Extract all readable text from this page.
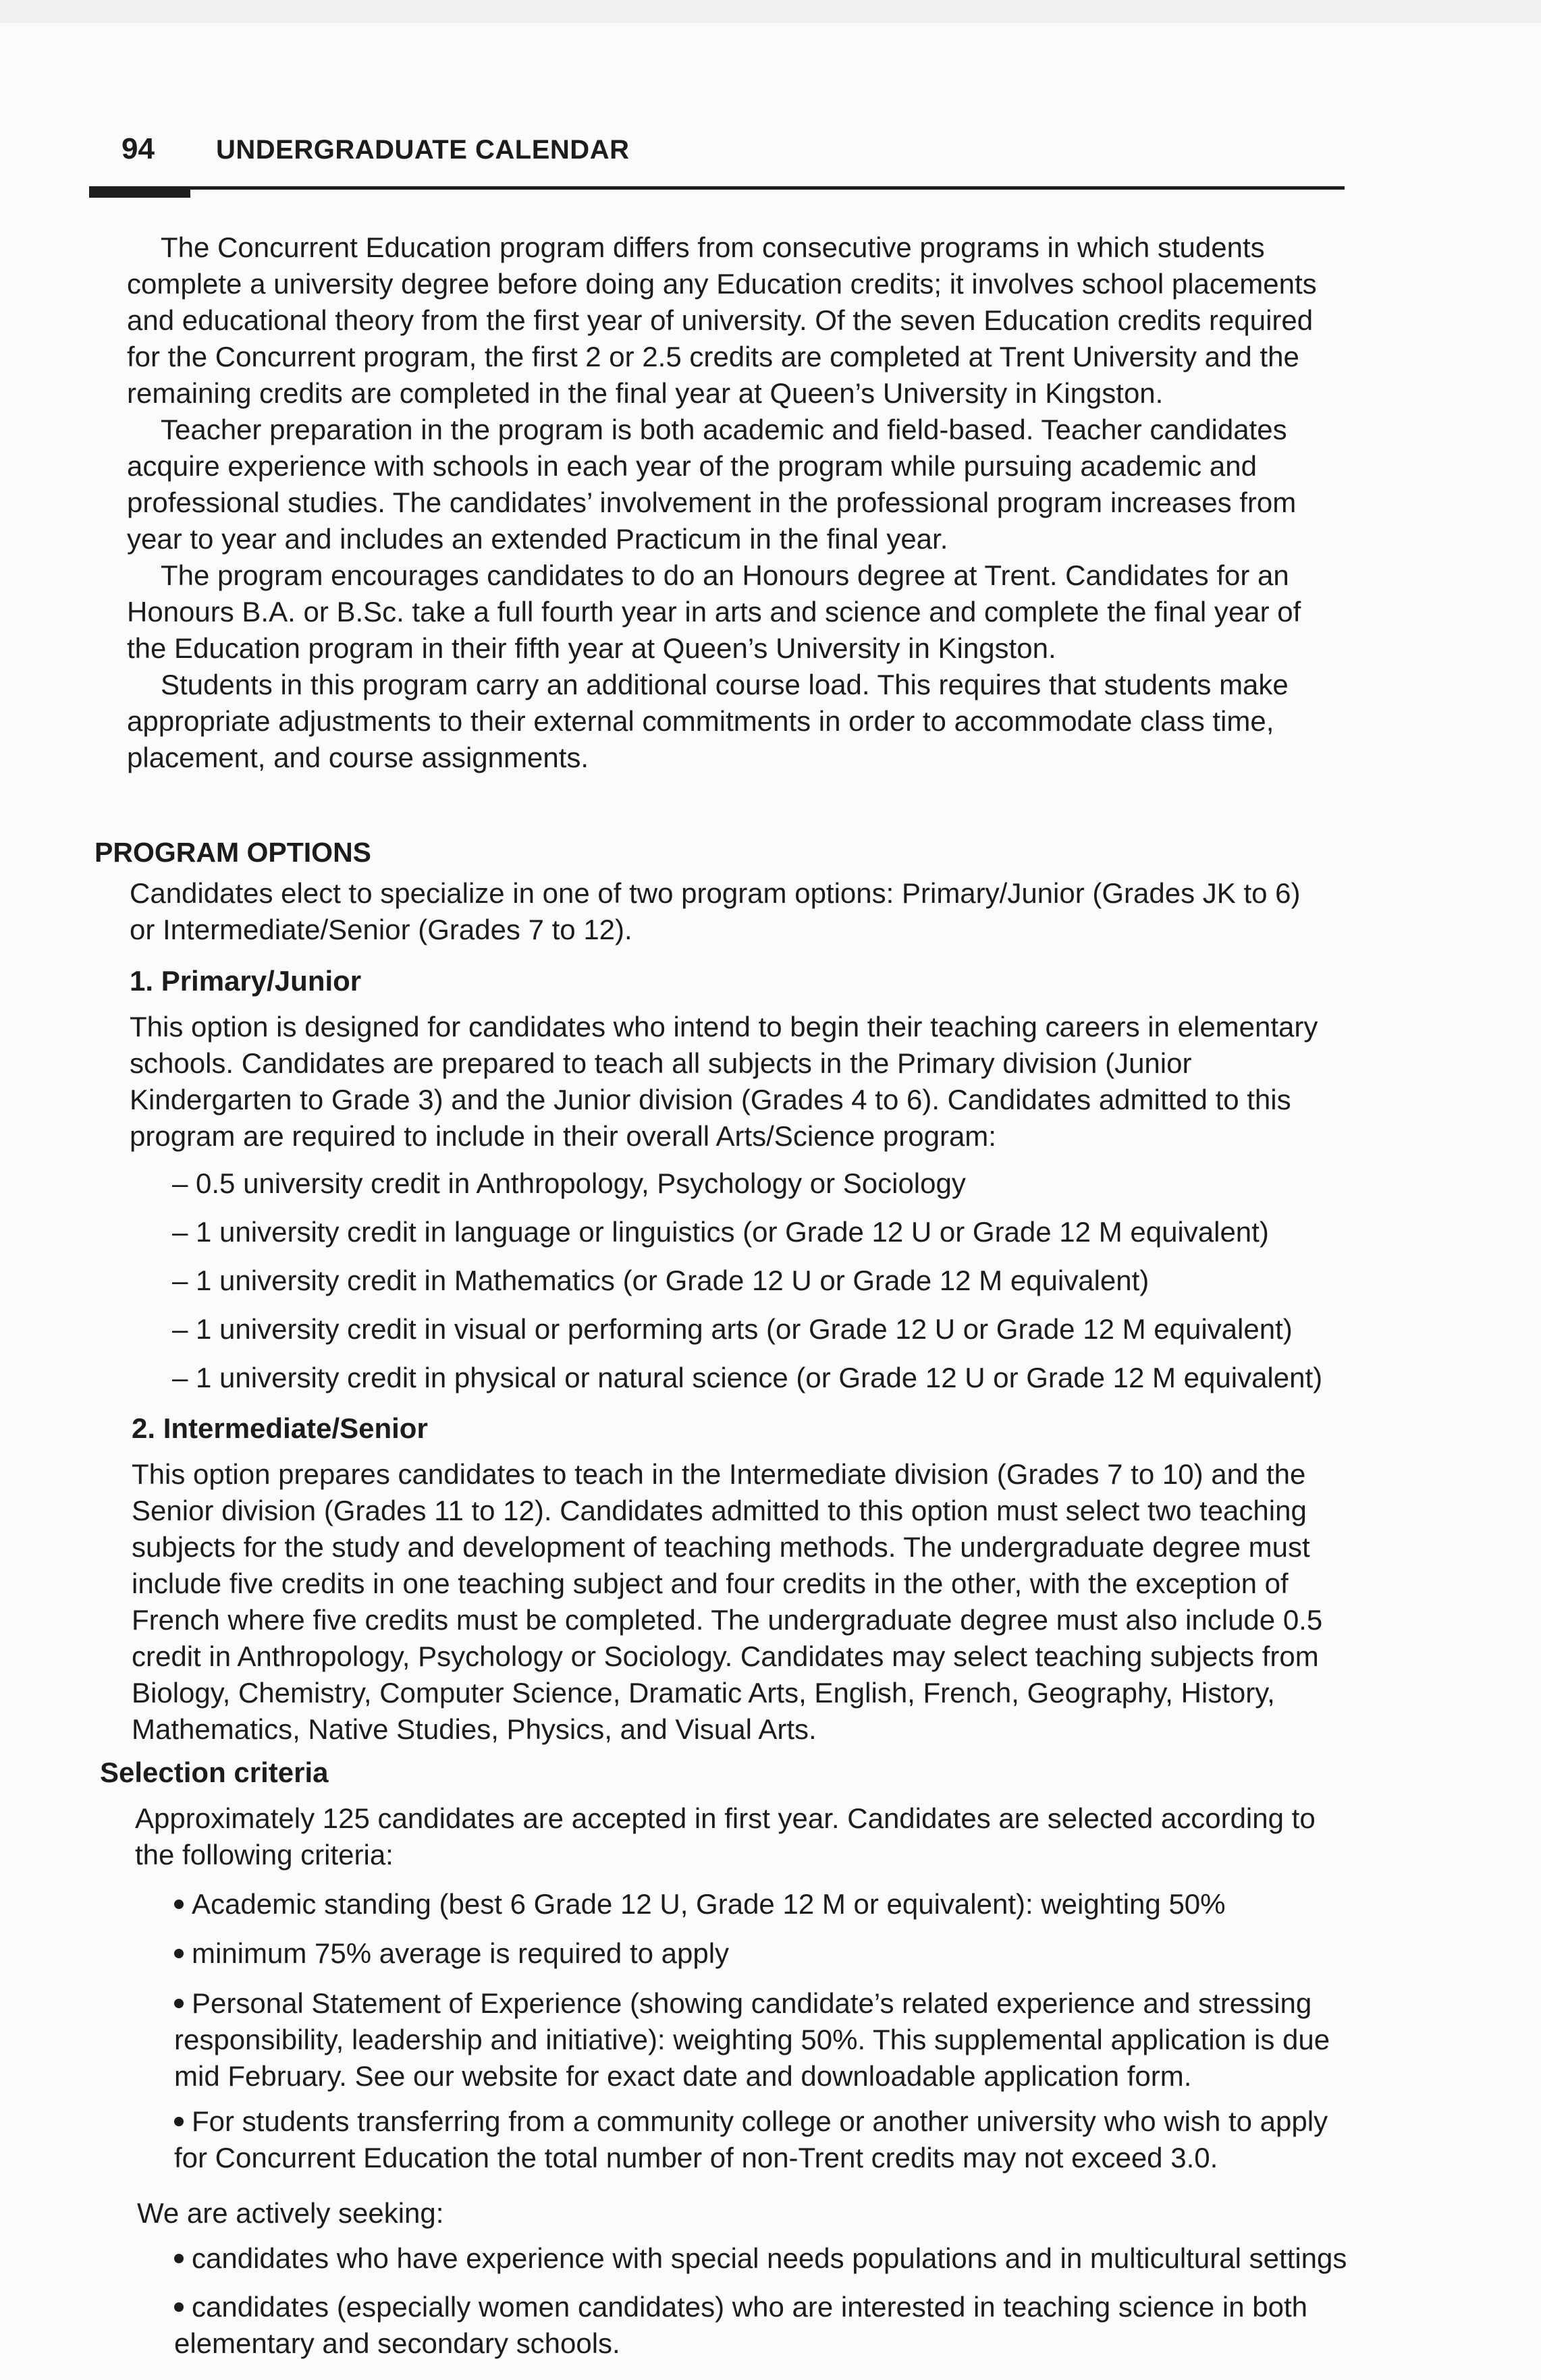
94	UNDERGRADUATE CALENDAR
The Concurrent Education program differs from consecutive programs in which students complete a university degree before doing any Education credits; it involves school placements and educational theory from the first year of university. Of the seven Education credits required for the Concurrent program, the first 2 or 2.5 credits are completed at Trent University and the remaining credits are completed in the final year at Queen’s University in Kingston.
Teacher preparation in the program is both academic and field-based. Teacher candidates acquire experience with schools in each year of the program while pursuing academic and professional studies. The candidates’ involvement in the professional program increases from year to year and includes an extended Practicum in the final year.
The program encourages candidates to do an Honours degree at Trent. Candidates for an Honours B.A. or B.Sc. take a full fourth year in arts and science and complete the final year of the Education program in their fifth year at Queen’s University in Kingston.
Students in this program carry an additional course load. This requires that students make appropriate adjustments to their external commitments in order to accommodate class time, placement, and course assignments.
PROGRAM OPTIONS

Candidates elect to specialize in one of two program options: Primary/Junior (Grades JK to 6) or Intermediate/Senior (Grades 7 to 12).

1. Primary/Junior

This option is designed for candidates who intend to begin their teaching careers in elementary schools. Candidates are prepared to teach all subjects in the Primary division (Junior Kindergarten to Grade 3) and the Junior division (Grades 4 to 6). Candidates admitted to this program are required to include in their overall Arts/Science program:

– 0.5 university credit in Anthropology, Psychology or Sociology
– 1 university credit in language or linguistics (or Grade 12 U or Grade 12 M equivalent)
– 1 university credit in Mathematics (or Grade 12 U or Grade 12 M equivalent)
– 1 university credit in visual or performing arts (or Grade 12 U or Grade 12 M equivalent)
– 1 university credit in physical or natural science (or Grade 12 U or Grade 12 M equivalent)
2. Intermediate/Senior

This option prepares candidates to teach in the Intermediate division (Grades 7 to 10) and the Senior division (Grades 11 to 12). Candidates admitted to this option must select two teaching subjects for the study and development of teaching methods. The undergraduate degree must include five credits in one teaching subject and four credits in the other, with the exception of French where five credits must be completed. The undergraduate degree must also include 0.5 credit in Anthropology, Psychology or Sociology. Candidates may select teaching subjects from Biology, Chemistry, Computer Science, Dramatic Arts, English, French, Geography, History, Mathematics, Native Studies, Physics, and Visual Arts.

Selection criteria

Approximately 125 candidates are accepted in first year. Candidates are selected according to the following criteria:

Academic standing (best 6 Grade 12 U, Grade 12 M or equivalent): weighting 50%
minimum 75% average is required to apply
Personal Statement of Experience (showing candidate’s related experience and stressing responsibility, leadership and initiative): weighting 50%. This supplemental application is due mid February. See our website for exact date and downloadable application form.
For students transferring from a community college or another university who wish to apply for Concurrent Education the total number of non-Trent credits may not exceed 3.0.

We are actively seeking:

candidates who have experience with special needs populations and in multicultural settings
candidates (especially women candidates) who are interested in teaching science in both elementary and secondary schools.
